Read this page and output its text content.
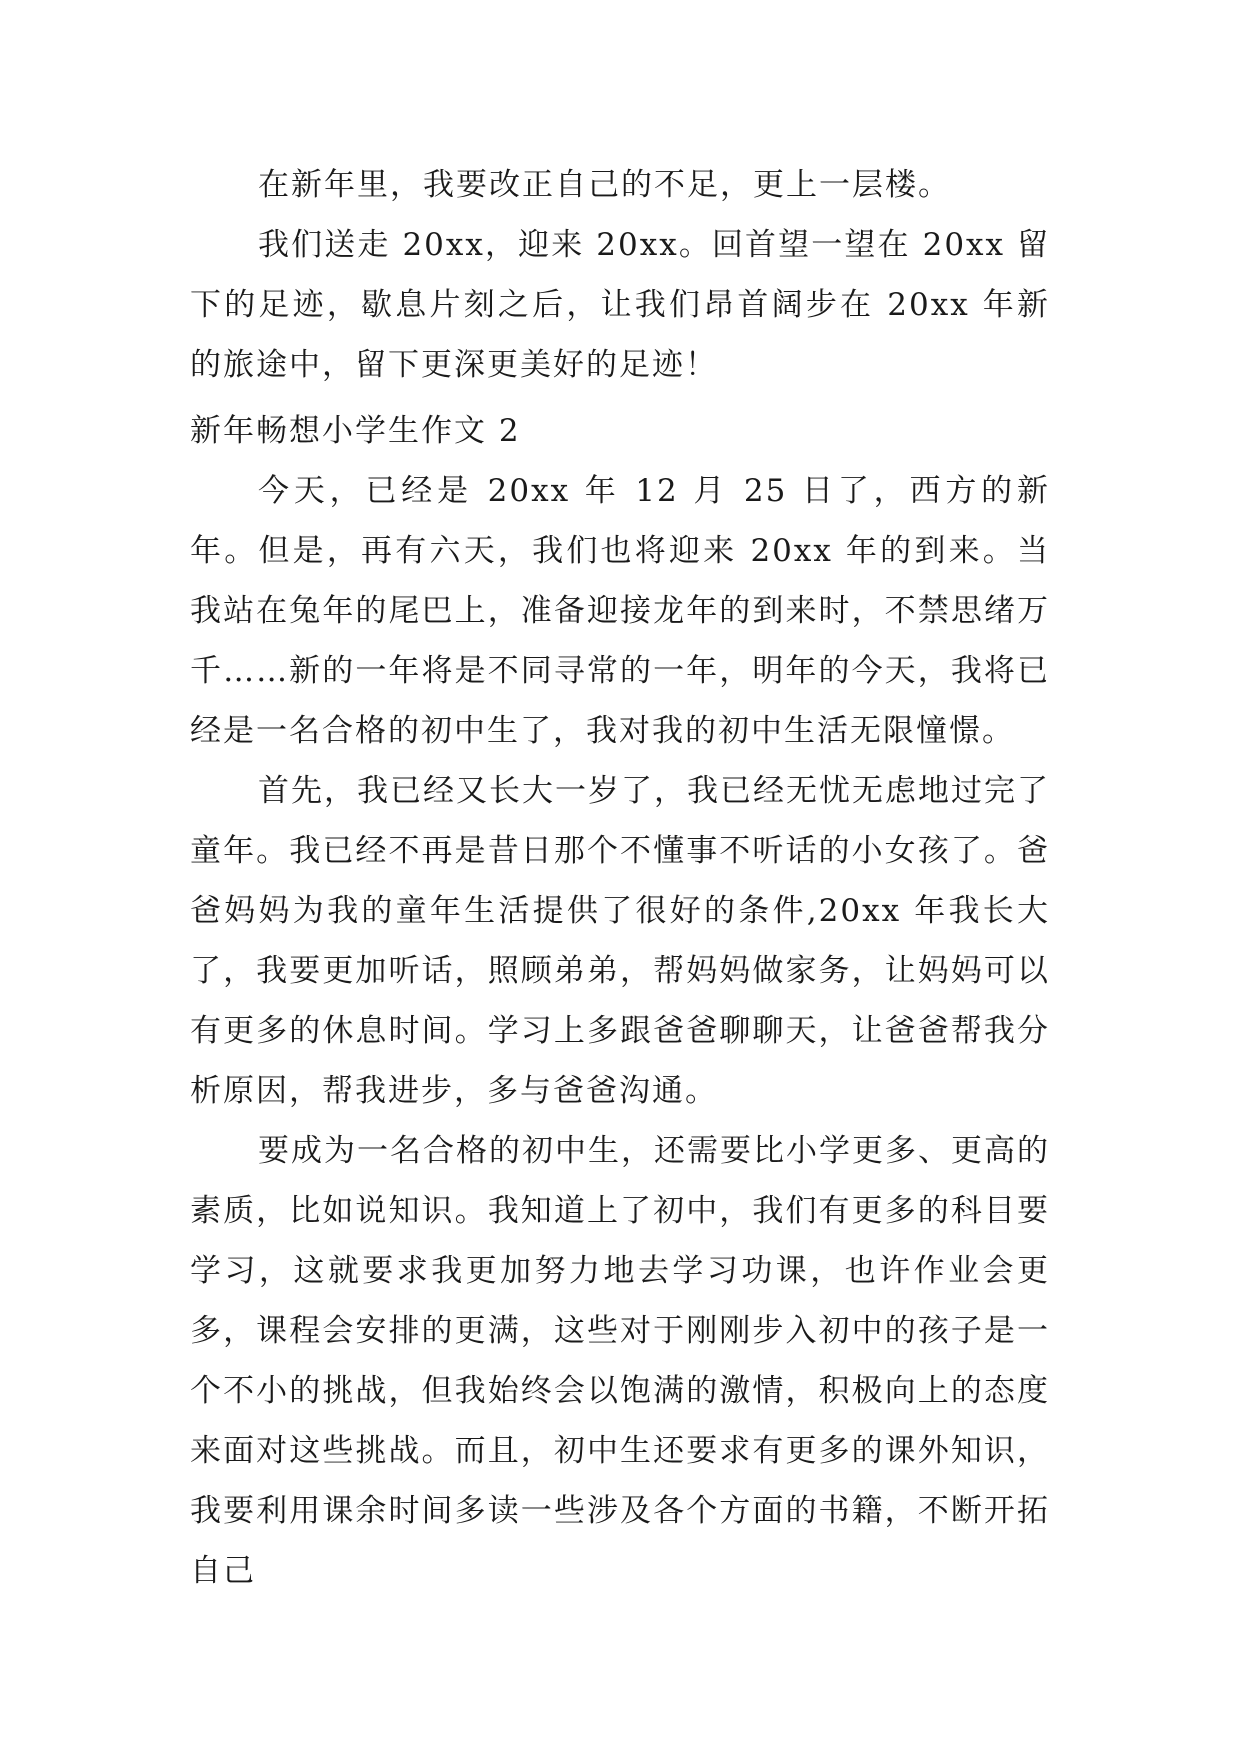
在新年里，我要改正自己的不足，更上一层楼。

我们送走 20xx，迎来 20xx。回首望一望在 20xx 留下的足迹，歇息片刻之后，让我们昂首阔步在 20xx 年新的旅途中，留下更深更美好的足迹！

新年畅想小学生作文 2

今天，已经是 20xx 年 12 月 25 日了，西方的新年。但是，再有六天，我们也将迎来 20xx 年的到来。当我站在兔年的尾巴上，准备迎接龙年的到来时，不禁思绪万千……新的一年将是不同寻常的一年，明年的今天，我将已经是一名合格的初中生了，我对我的初中生活无限憧憬。

首先，我已经又长大一岁了，我已经无忧无虑地过完了童年。我已经不再是昔日那个不懂事不听话的小女孩了。爸爸妈妈为我的童年生活提供了很好的条件,20xx 年我长大了，我要更加听话，照顾弟弟，帮妈妈做家务，让妈妈可以有更多的休息时间。学习上多跟爸爸聊聊天，让爸爸帮我分析原因，帮我进步，多与爸爸沟通。

要成为一名合格的初中生，还需要比小学更多、更高的素质，比如说知识。我知道上了初中，我们有更多的科目要学习，这就要求我更加努力地去学习功课，也许作业会更多，课程会安排的更满，这些对于刚刚步入初中的孩子是一个不小的挑战，但我始终会以饱满的激情，积极向上的态度来面对这些挑战。而且，初中生还要求有更多的课外知识，我要利用课余时间多读一些涉及各个方面的书籍，不断开拓自己
